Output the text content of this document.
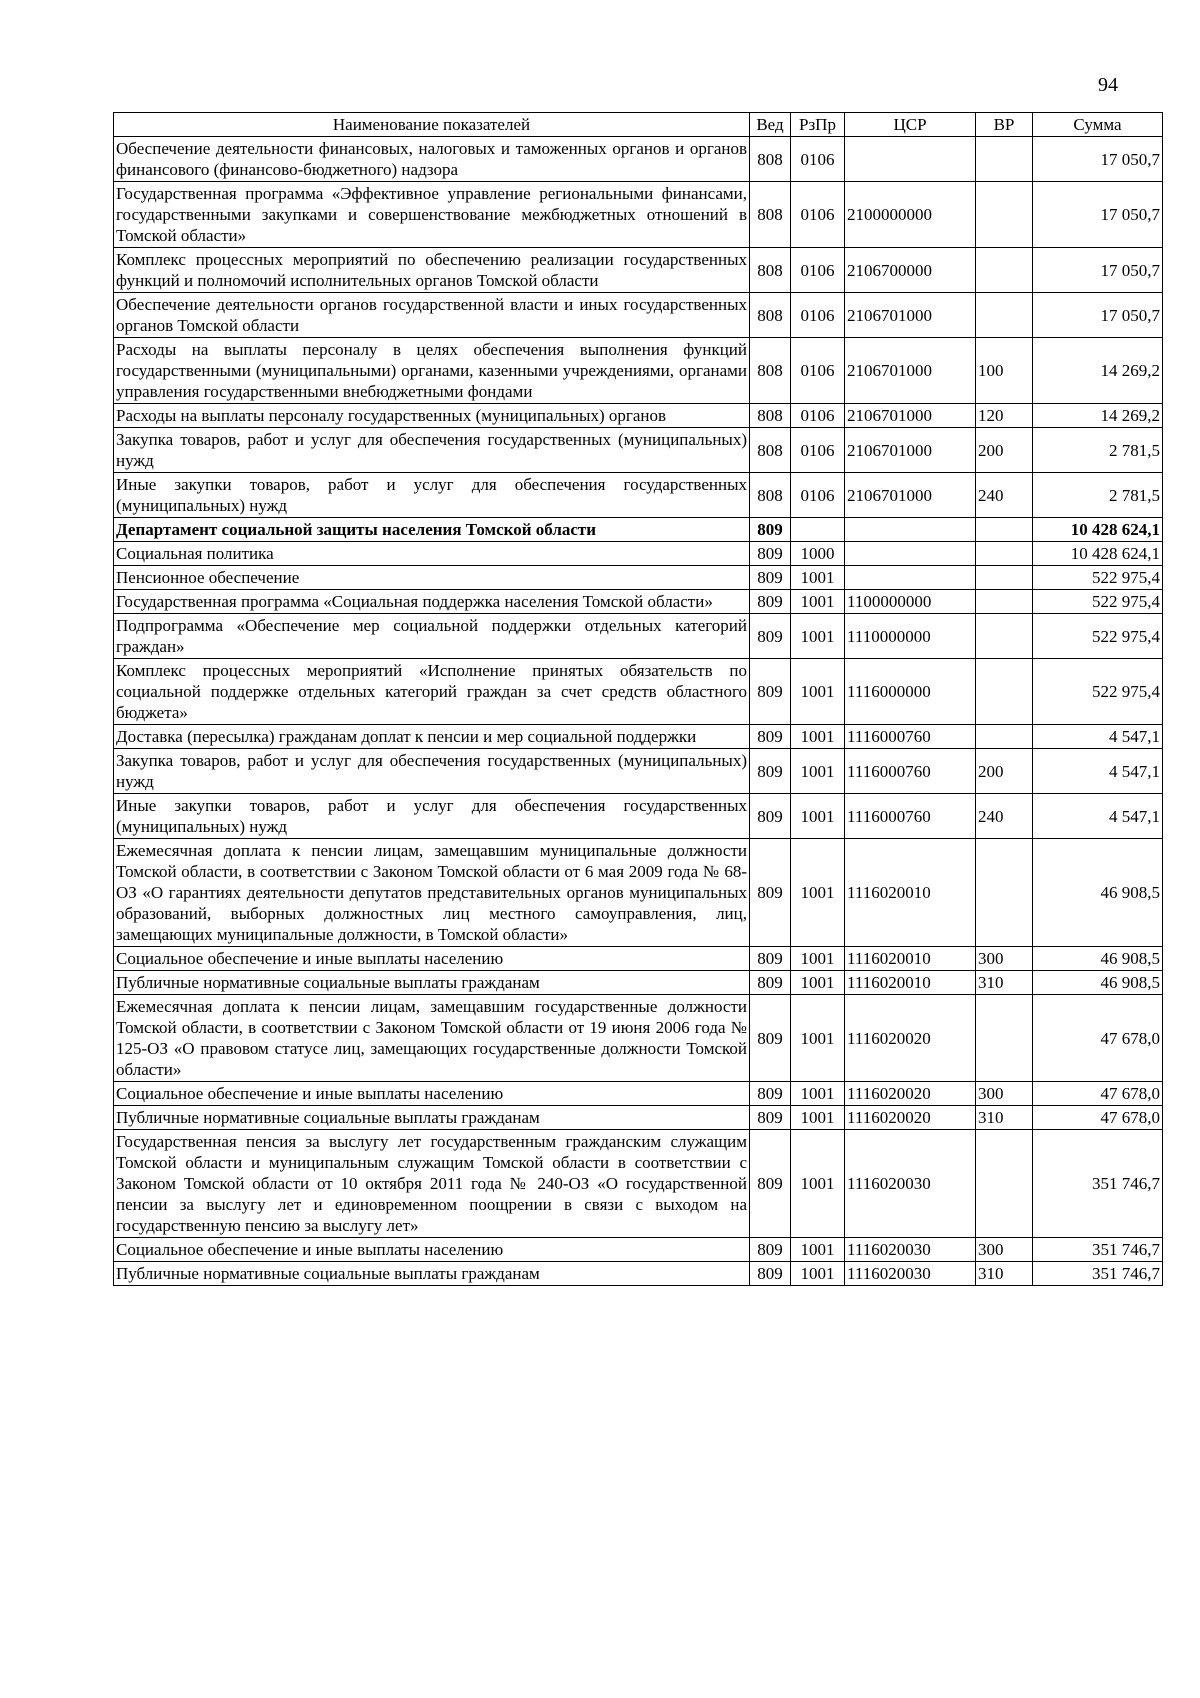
94
Наименование показателей	Вед	РзПр	ЦСР	ВР	Сумма
Обеспечение деятельности финансовых, налоговых и таможенных органов и органов финансового (финансово-бюджетного) надзора	808	0106			17 050,7
Государственная программа «Эффективное управление региональными финансами, государственными закупками и совершенствование межбюджетных отношений в Томской области»	808	0106	2100000000		17 050,7
Комплекс процессных мероприятий по обеспечению реализации государственных функций и полномочий исполнительных органов Томской области	808	0106	2106700000		17 050,7
Обеспечение деятельности органов государственной власти и иных государственных органов Томской области	808	0106	2106701000		17 050,7
Расходы на выплаты персоналу в целях обеспечения выполнения функций государственными (муниципальными) органами, казенными учреждениями, органами управления государственными внебюджетными фондами	808	0106	2106701000	100	14 269,2
Расходы на выплаты персоналу государственных (муниципальных) органов	808	0106	2106701000	120	14 269,2
Закупка товаров, работ и услуг для обеспечения государственных (муниципальных) нужд	808	0106	2106701000	200	2 781,5
Иные закупки товаров, работ и услуг для обеспечения государственных (муниципальных) нужд	808	0106	2106701000	240	2 781,5
Департамент социальной защиты населения Томской области	809				10 428 624,1
Социальная политика	809	1000			10 428 624,1
Пенсионное обеспечение	809	1001			522 975,4
Государственная программа «Социальная поддержка населения Томской области»	809	1001	1100000000		522 975,4
Подпрограмма «Обеспечение мер социальной поддержки отдельных категорий граждан»	809	1001	1110000000		522 975,4
Комплекс процессных мероприятий «Исполнение принятых обязательств по социальной поддержке отдельных категорий граждан за счет средств областного бюджета»	809	1001	1116000000		522 975,4
Доставка (пересылка) гражданам доплат к пенсии и мер социальной поддержки	809	1001	1116000760		4 547,1
Закупка товаров, работ и услуг для обеспечения государственных (муниципальных) нужд	809	1001	1116000760	200	4 547,1
Иные закупки товаров, работ и услуг для обеспечения государственных (муниципальных) нужд	809	1001	1116000760	240	4 547,1
Ежемесячная доплата к пенсии лицам, замещавшим муниципальные должности Томской области, в соответствии с Законом Томской области от 6 мая 2009 года № 68-ОЗ «О гарантиях деятельности депутатов представительных органов муниципальных образований, выборных должностных лиц местного самоуправления, лиц, замещающих муниципальные должности, в Томской области»	809	1001	1116020010		46 908,5
Социальное обеспечение и иные выплаты населению	809	1001	1116020010	300	46 908,5
Публичные нормативные социальные выплаты гражданам	809	1001	1116020010	310	46 908,5
Ежемесячная доплата к пенсии лицам, замещавшим государственные должности Томской области, в соответствии с Законом Томской области от 19 июня 2006 года № 125-ОЗ «О правовом статусе лиц, замещающих государственные должности Томской области»	809	1001	1116020020		47 678,0
Социальное обеспечение и иные выплаты населению	809	1001	1116020020	300	47 678,0
Публичные нормативные социальные выплаты гражданам	809	1001	1116020020	310	47 678,0
Государственная пенсия за выслугу лет государственным гражданским служащим Томской области и муниципальным служащим Томской области в соответствии с Законом Томской области от 10 октября 2011 года № 240-ОЗ «О государственной пенсии за выслугу лет и единовременном поощрении в связи с выходом на государственную пенсию за выслугу лет»	809	1001	1116020030		351 746,7
Социальное обеспечение и иные выплаты населению	809	1001	1116020030	300	351 746,7
Публичные нормативные социальные выплаты гражданам	809	1001	1116020030	310	351 746,7
